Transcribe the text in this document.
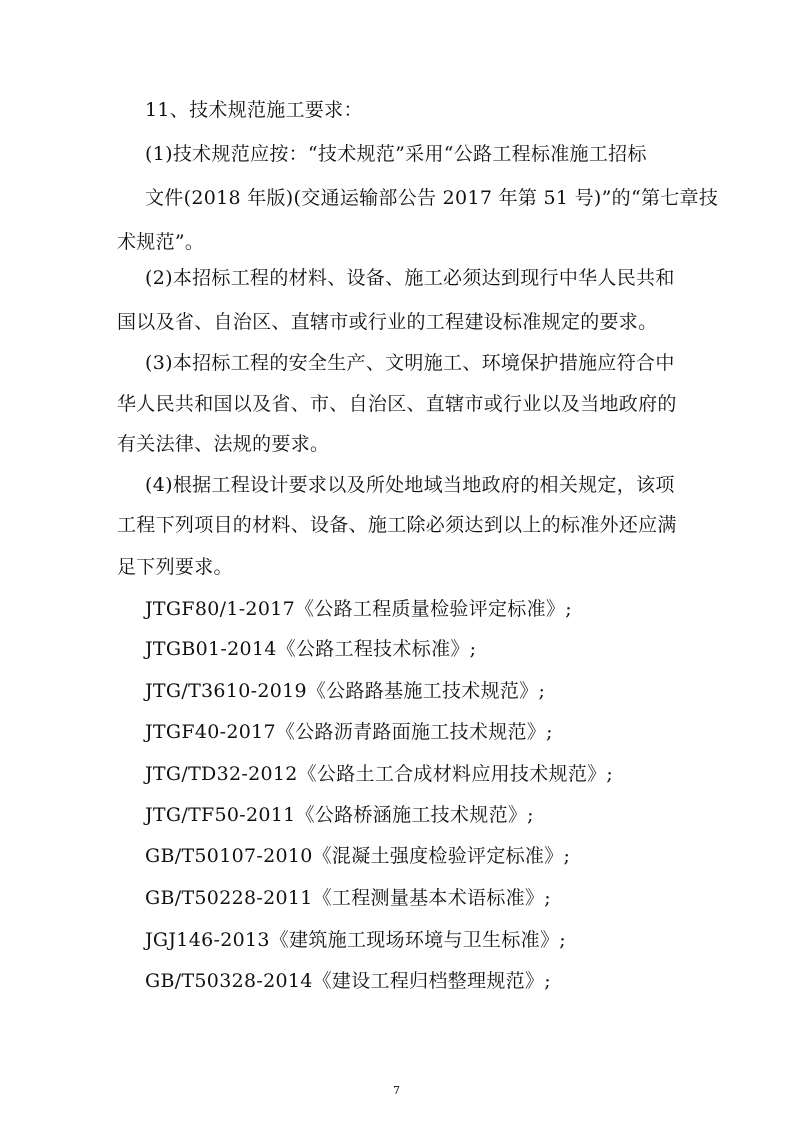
11、技术规范施工要求：
(1)技术规范应按：“技术规范”采用“公路工程标准施工招标
文件(2018 年版)(交通运输部公告 2017 年第 51 号)”的“第七章技
术规范”。
(2)本招标工程的材料、设备、施工必须达到现行中华人民共和
国以及省、自治区、直辖市或行业的工程建设标准规定的要求。
(3)本招标工程的安全生产、文明施工、环境保护措施应符合中
华人民共和国以及省、市、自治区、直辖市或行业以及当地政府的
有关法律、法规的要求。
(4)根据工程设计要求以及所处地域当地政府的相关规定，该项
工程下列项目的材料、设备、施工除必须达到以上的标准外还应满
足下列要求。
JTGF80/1-2017《公路工程质量检验评定标准》;
JTGB01-2014《公路工程技术标准》;
JTG/T3610-2019《公路路基施工技术规范》;
JTGF40-2017《公路沥青路面施工技术规范》;
JTG/TD32-2012《公路土工合成材料应用技术规范》;
JTG/TF50-2011《公路桥涵施工技术规范》;
GB/T50107-2010《混凝土强度检验评定标准》;
GB/T50228-2011《工程测量基本术语标准》;
JGJ146-2013《建筑施工现场环境与卫生标准》;
GB/T50328-2014《建设工程归档整理规范》;
7
